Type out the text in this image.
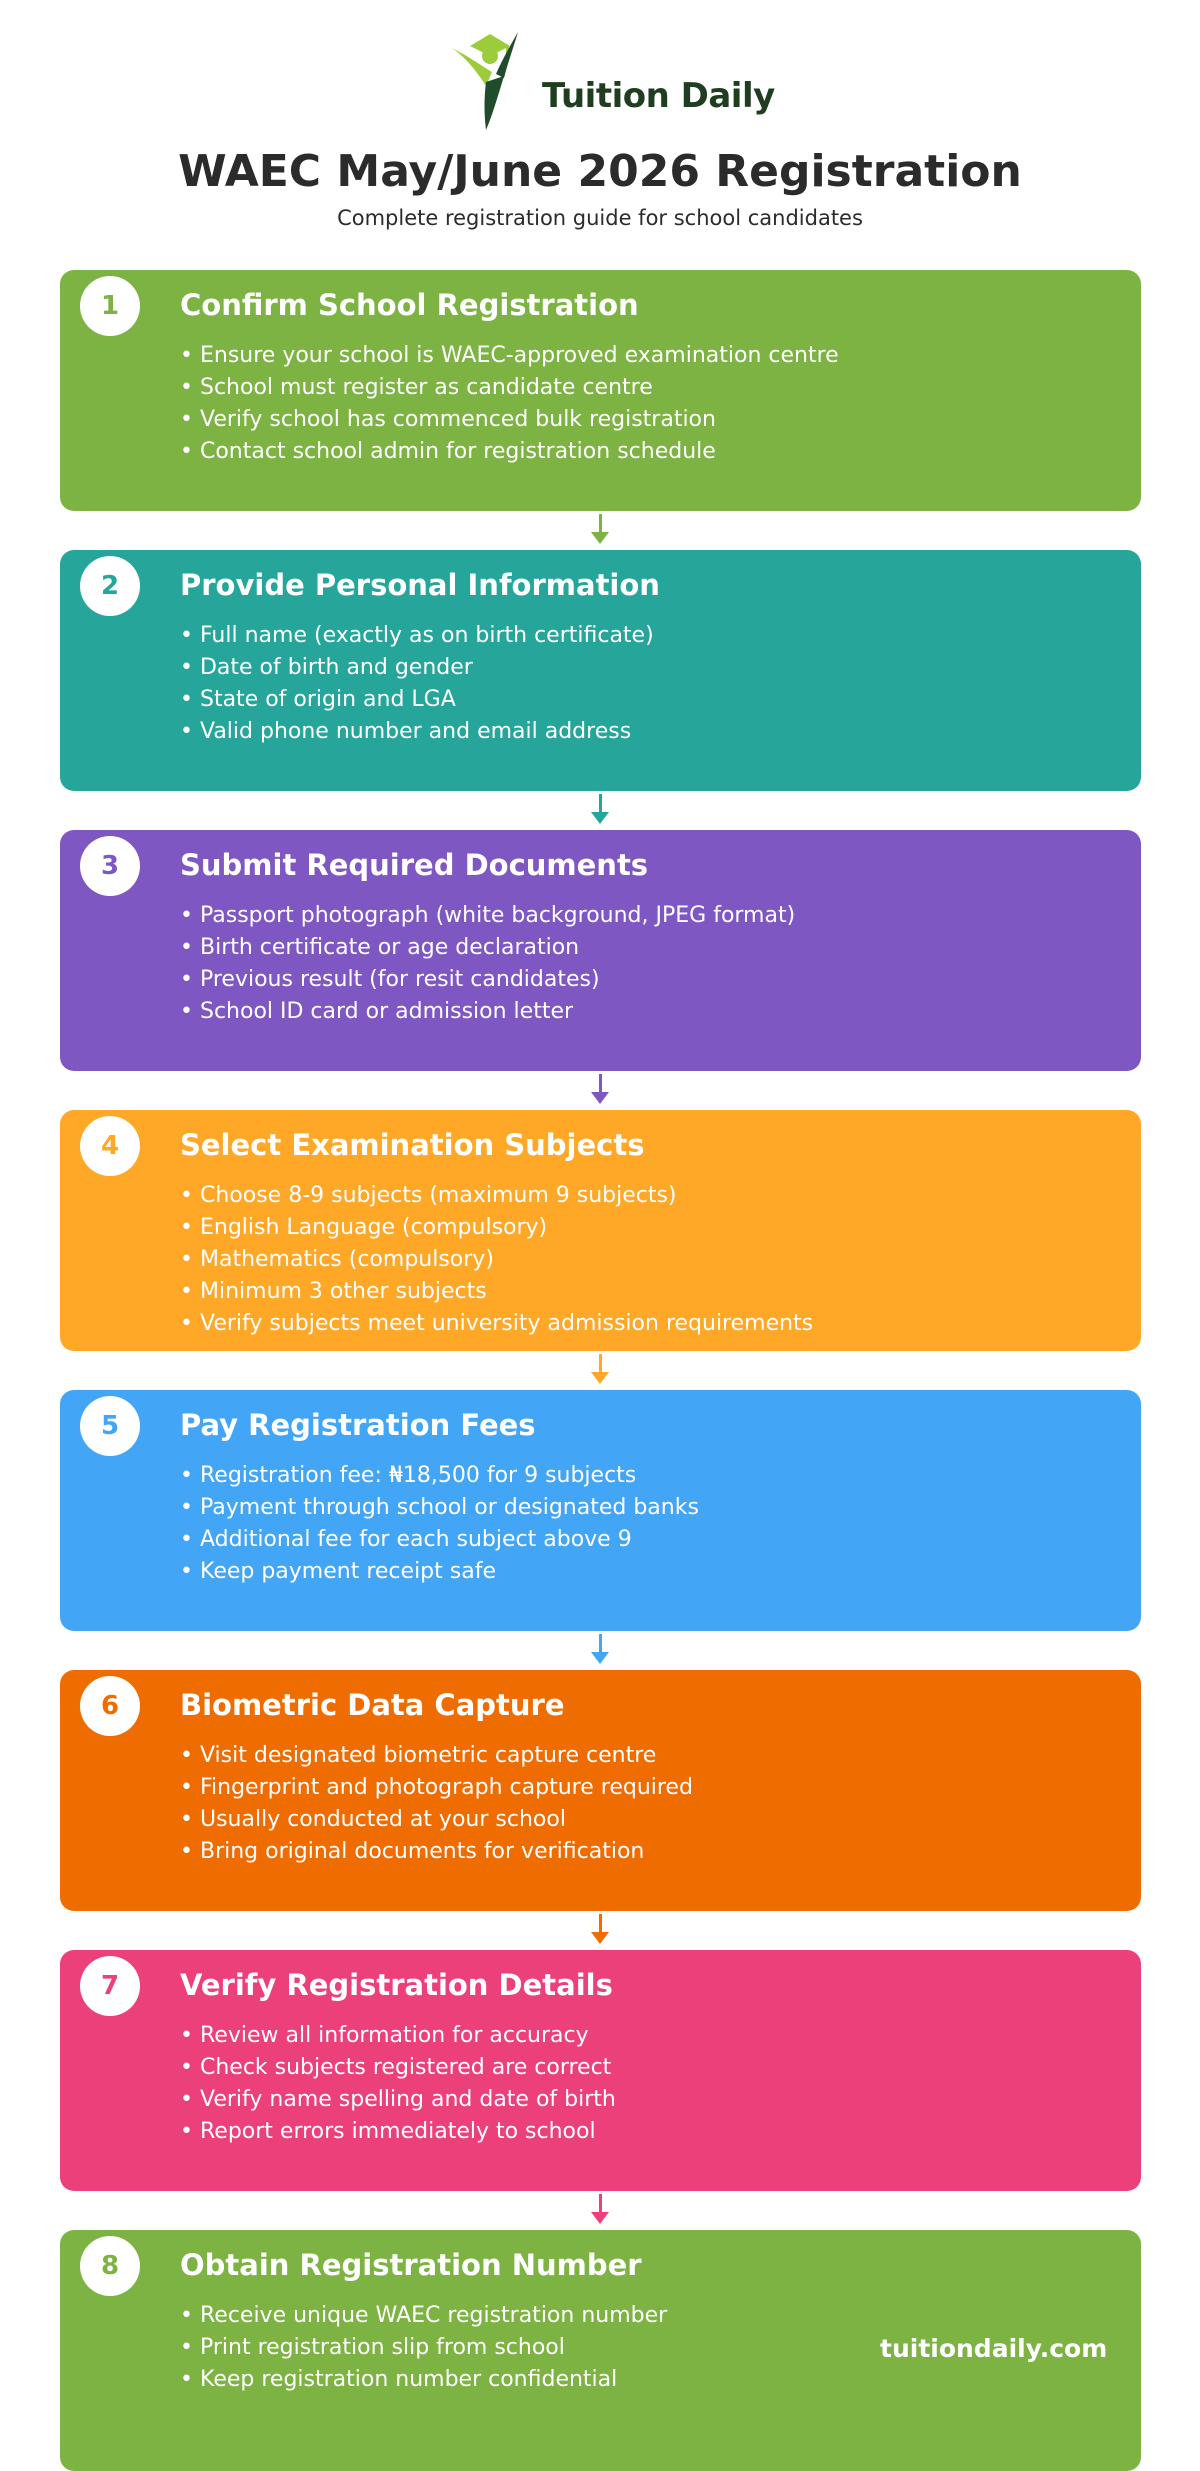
Tuition Daily
WAEC May/June 2026 Registration
Complete registration guide for school candidates
1	Confirm School Registration
• Ensure your school is WAEC-approved examination centre
• School must register as candidate centre
• Verify school has commenced bulk registration
• Contact school admin for registration schedule
2	Provide Personal Information
• Full name (exactly as on birth certificate)
• Date of birth and gender
• State of origin and LGA
• Valid phone number and email address
3	Submit Required Documents
• Passport photograph (white background, JPEG format)
• Birth certificate or age declaration
• Previous result (for resit candidates)
• School ID card or admission letter
4	Select Examination Subjects
• Choose 8-9 subjects (maximum 9 subjects)
• English Language (compulsory)
• Mathematics (compulsory)
• Minimum 3 other subjects
• Verify subjects meet university admission requirements
5	Pay Registration Fees
• Registration fee: ₦18,500 for 9 subjects
• Payment through school or designated banks
• Additional fee for each subject above 9
• Keep payment receipt safe
6	Biometric Data Capture
• Visit designated biometric capture centre
• Fingerprint and photograph capture required
• Usually conducted at your school
• Bring original documents for verification
7	Verify Registration Details
• Review all information for accuracy
• Check subjects registered are correct
• Verify name spelling and date of birth
• Report errors immediately to school
8	Obtain Registration Number
• Receive unique WAEC registration number
• Print registration slip from school
• Keep registration number confidential
tuitiondaily.com
